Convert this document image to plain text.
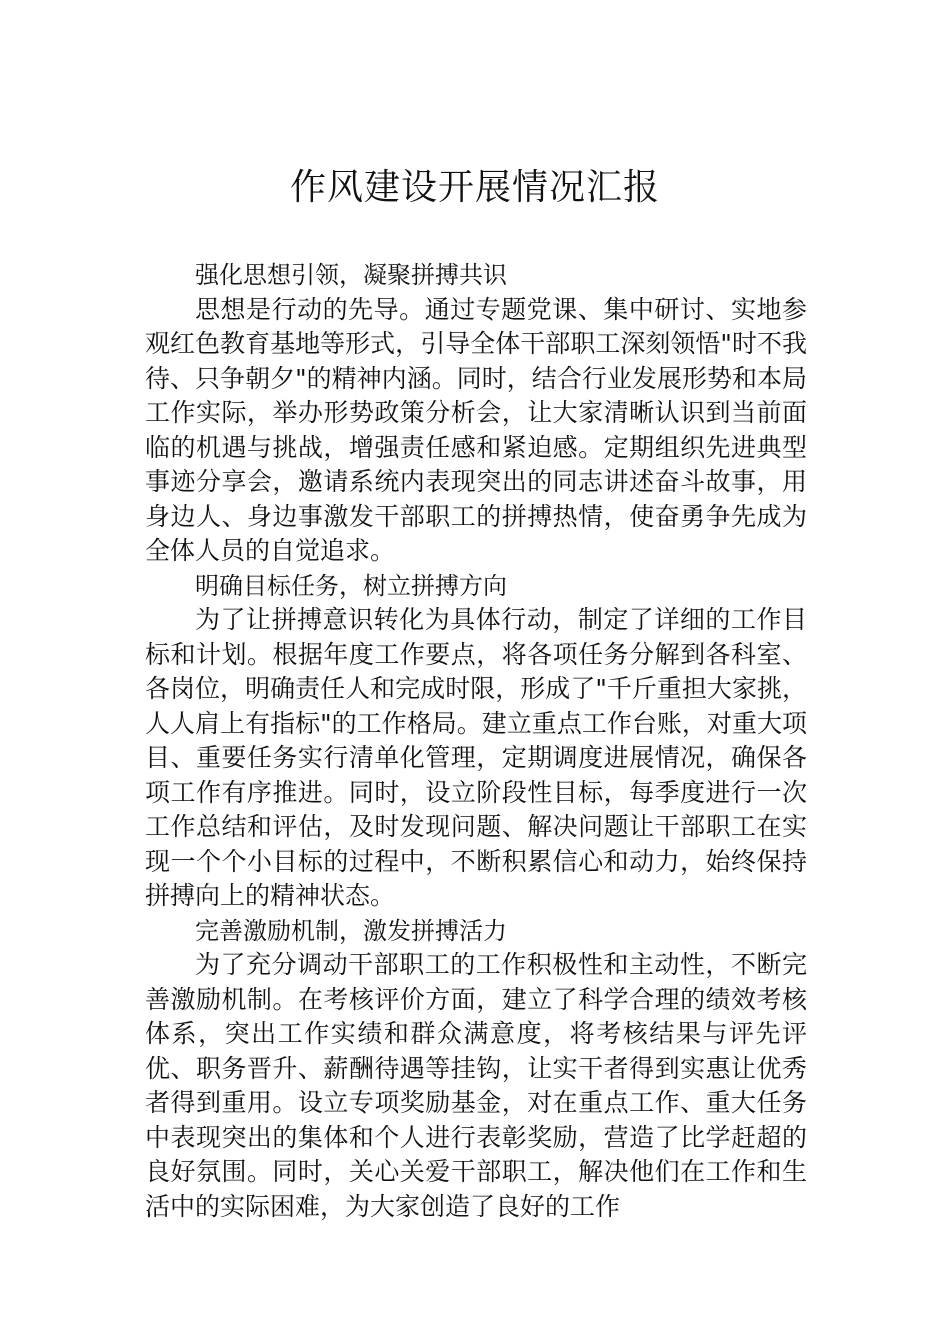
作风建设开展情况汇报

强化思想引领，凝聚拼搏共识

思想是行动的先导。通过专题党课、集中研讨、实地参观红色教育基地等形式，引导全体干部职工深刻领悟"时不我待、只争朝夕"的精神内涵。同时，结合行业发展形势和本局工作实际，举办形势政策分析会，让大家清晰认识到当前面临的机遇与挑战，增强责任感和紧迫感。定期组织先进典型事迹分享会，邀请系统内表现突出的同志讲述奋斗故事，用身边人、身边事激发干部职工的拼搏热情，使奋勇争先成为全体人员的自觉追求。

明确目标任务，树立拼搏方向

为了让拼搏意识转化为具体行动，制定了详细的工作目标和计划。根据年度工作要点，将各项任务分解到各科室、各岗位，明确责任人和完成时限，形成了"千斤重担大家挑，人人肩上有指标"的工作格局。建立重点工作台账，对重大项目、重要任务实行清单化管理，定期调度进展情况，确保各项工作有序推进。同时，设立阶段性目标，每季度进行一次工作总结和评估，及时发现问题、解决问题让干部职工在实现一个个小目标的过程中，不断积累信心和动力，始终保持拼搏向上的精神状态。

完善激励机制，激发拼搏活力

为了充分调动干部职工的工作积极性和主动性，不断完善激励机制。在考核评价方面，建立了科学合理的绩效考核体系，突出工作实绩和群众满意度，将考核结果与评先评优、职务晋升、薪酬待遇等挂钩，让实干者得到实惠让优秀者得到重用。设立专项奖励基金，对在重点工作、重大任务中表现突出的集体和个人进行表彰奖励，营造了比学赶超的良好氛围。同时，关心关爱干部职工，解决他们在工作和生活中的实际困难，为大家创造了良好的工作
